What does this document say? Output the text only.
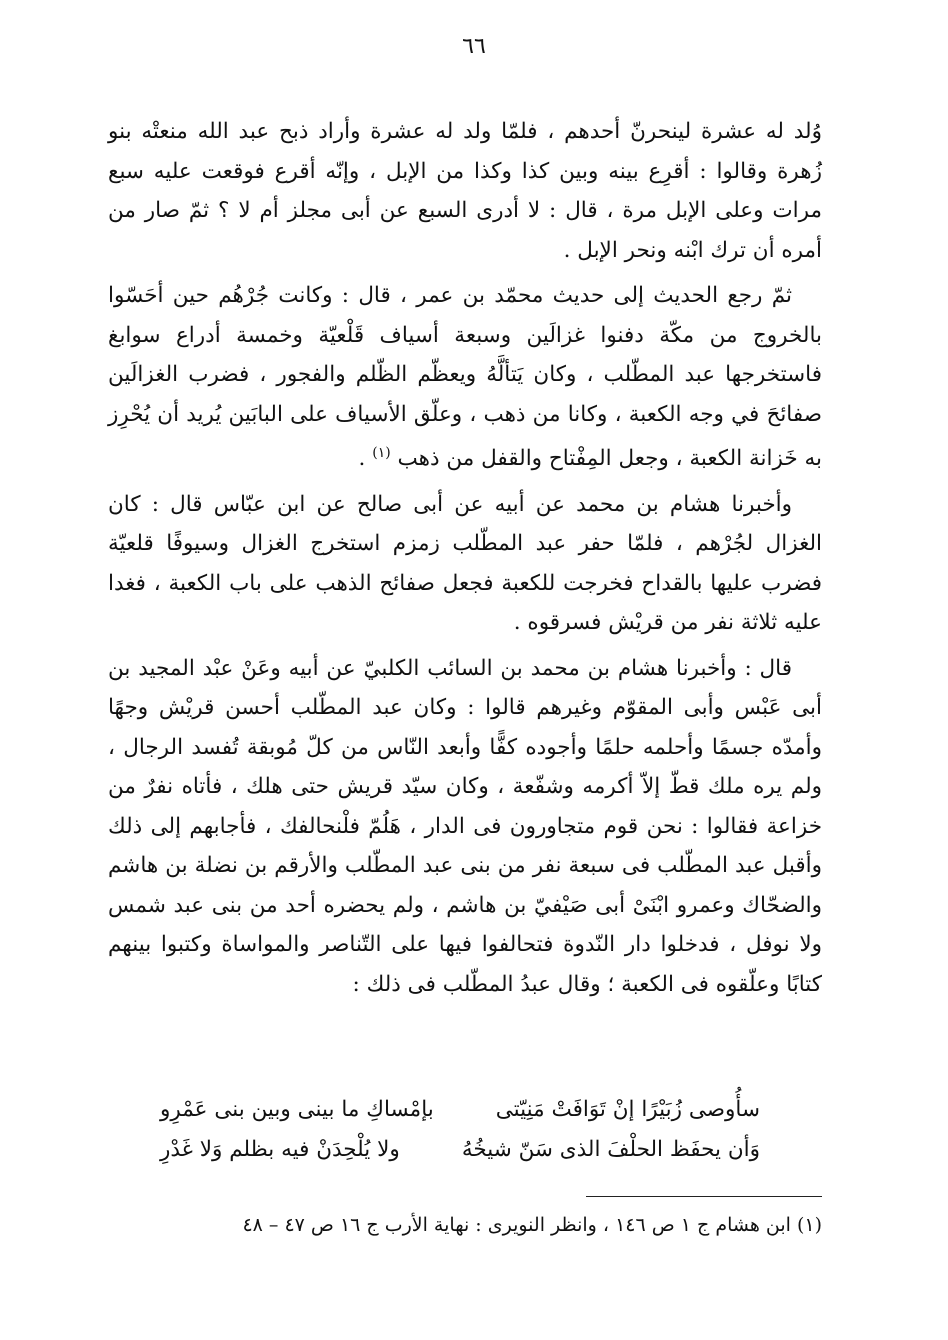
٦٦

وُلد له عشرة لينحرنّ أحدهم ، فلمّا ولد له عشرة وأراد ذبح عبد الله منعتْه بنو زُهرة وقالوا : أقرِع بينه وبين كذا وكذا من الإبل ، وإنّه أقرع فوقعت عليه سبع مرات وعلى الإبل مرة ، قال : لا أدرى السبع عن أبى مجلز أم لا ؟ ثمّ صار من أمره أن ترك ابْنه ونحر الإبل .

ثمّ رجع الحديث إلى حديث محمّد بن عمر ، قال : وكانت جُرْهُم حين أحَسّوا بالخروج من مكّة دفنوا غزالَين وسبعة أسياف قَلْعيّة وخمسة أدراع سوابغ فاستخرجها عبد المطّلب ، وكان يَتألَّهُ ويعظّم الظّلم والفجور ، فضرب الغزالَين صفائحَ في وجه الكعبة ، وكانا من ذهب ، وعلّق الأسياف على البابَين يُريد أن يُحْرِز به خَزانة الكعبة ، وجعل المِفْتاح والقفل من ذهب $^{(١)}$ .

وأخبرنا هشام بن محمد عن أبيه عن أبى صالح عن ابن عبّاس قال : كان الغزال لجُرْهم ، فلمّا حفر عبد المطّلب زمزم استخرج الغزال وسيوفًا قلعيّة فضرب عليها بالقداح فخرجت للكعبة فجعل صفائح الذهب على باب الكعبة ، فغدا عليه ثلاثة نفر من قريْش فسرقوه .

قال : وأخبرنا هشام بن محمد بن السائب الكلبيّ عن أبيه وعَنْ عبْد المجيد بن أبى عَبْس وأبى المقوّم وغيرهم قالوا : وكان عبد المطّلب أحسن قريْش وجهًا وأمدّه جسمًا وأحلمه حلمًا وأجوده كفًّا وأبعد النّاس من كلّ مُوبقة تُفسد الرجال ، ولم يره ملك قطّ إلاّ أكرمه وشفّعة ، وكان سيّد قريش حتى هلك ، فأتاه نفرٌ من خزاعة فقالوا : نحن قوم متجاورون فى الدار ، هَلُمّ فلْنحالفك ، فأجابهم إلى ذلك وأقبل عبد المطّلب فى سبعة نفر من بنى عبد المطّلب والأرقم بن نضلة بن هاشم والضحّاك وعمرو ابْنَىْ أبى صَيْفيّ بن هاشم ، ولم يحضره أحد من بنى عبد شمس ولا نوفل ، فدخلوا دار النّدوة فتحالفوا فيها على التّناصر والمواساة وكتبوا بينهم كتابًا وعلّقوه فى الكعبة ؛ وقال عبدُ المطّلب فى ذلك :

سأُوصى زُبَيْرًا إنْ تَوَافَتْ مَنِيّتى
بإمْساكِ ما بينى وبين بنى عَمْرِو
وَأن يحفَظ الحلْفَ الذى سَنّ شيخُهُ
ولا يُلْحِدَنْ فيه بظلم وَلا غَدْرِ
(١) ابن هشام ج ١ ص ١٤٦ ، وانظر النويرى : نهاية الأرب ج ١٦ ص ٤٧ – ٤٨
